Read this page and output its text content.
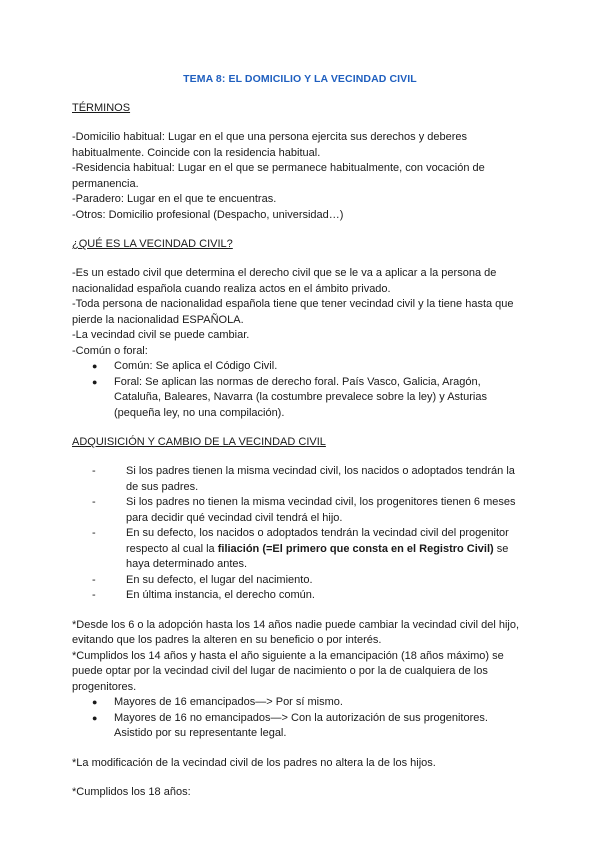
TEMA 8: EL DOMICILIO Y LA VECINDAD CIVIL
TÉRMINOS

-Domicilio habitual: Lugar en el que una persona ejercita sus derechos y deberes habitualmente. Coincide con la residencia habitual.

-Residencia habitual: Lugar en el que se permanece habitualmente, con vocación de permanencia.

-Paradero: Lugar en el que te encuentras.

-Otros: Domicilio profesional (Despacho, universidad…)

¿QUÉ ES LA VECINDAD CIVIL?

-Es un estado civil que determina el derecho civil que se le va a aplicar a la persona de nacionalidad española cuando realiza actos en el ámbito privado.

-Toda persona de nacionalidad española tiene que tener vecindad civil y la tiene hasta que pierde la nacionalidad ESPAÑOLA.

-La vecindad civil se puede cambiar.

-Común o foral:

● Común: Se aplica el Código Civil.
● Foral: Se aplican las normas de derecho foral. País Vasco, Galicia, Aragón, Cataluña, Baleares, Navarra (la costumbre prevalece sobre la ley) y Asturias (pequeña ley, no una compilación).
ADQUISICIÓN Y CAMBIO DE LA VECINDAD CIVIL
-	Si los padres tienen la misma vecindad civil, los nacidos o adoptados tendrán la de sus padres.
-	Si los padres no tienen la misma vecindad civil, los progenitores tienen 6 meses para decidir qué vecindad civil tendrá el hijo.
-	En su defecto, los nacidos o adoptados tendrán la vecindad civil del progenitor respecto al cual la filiación (=El primero que consta en el Registro Civil) se haya determinado antes.
-	En su defecto, el lugar del nacimiento.
-	En última instancia, el derecho común.

*Desde los 6 o la adopción hasta los 14 años nadie puede cambiar la vecindad civil del hijo, evitando que los padres la alteren en su beneficio o por interés.

*Cumplidos los 14 años y hasta el año siguiente a la emancipación (18 años máximo) se puede optar por la vecindad civil del lugar de nacimiento o por la de cualquiera de los progenitores.

● Mayores de 16 emancipados—> Por sí mismo.
● Mayores de 16 no emancipados—> Con la autorización de sus progenitores. Asistido por su representante legal.

*La modificación de la vecindad civil de los padres no altera la de los hijos.

*Cumplidos los 18 años:
